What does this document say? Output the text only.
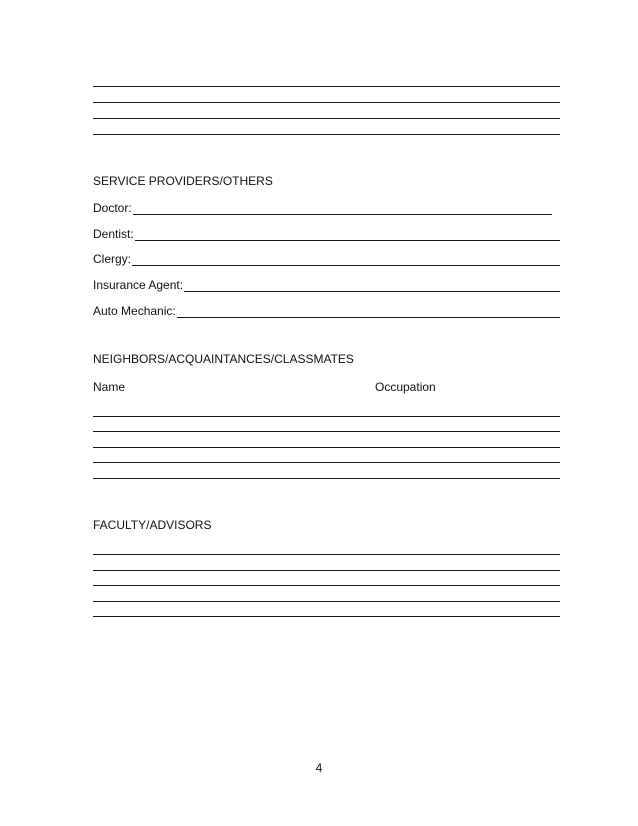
SERVICE PROVIDERS/OTHERS
Doctor:
Dentist:
Clergy:
Insurance Agent:
Auto Mechanic:
NEIGHBORS/ACQUAINTANCES/CLASSMATES
Name	Occupation
FACULTY/ADVISORS
4
